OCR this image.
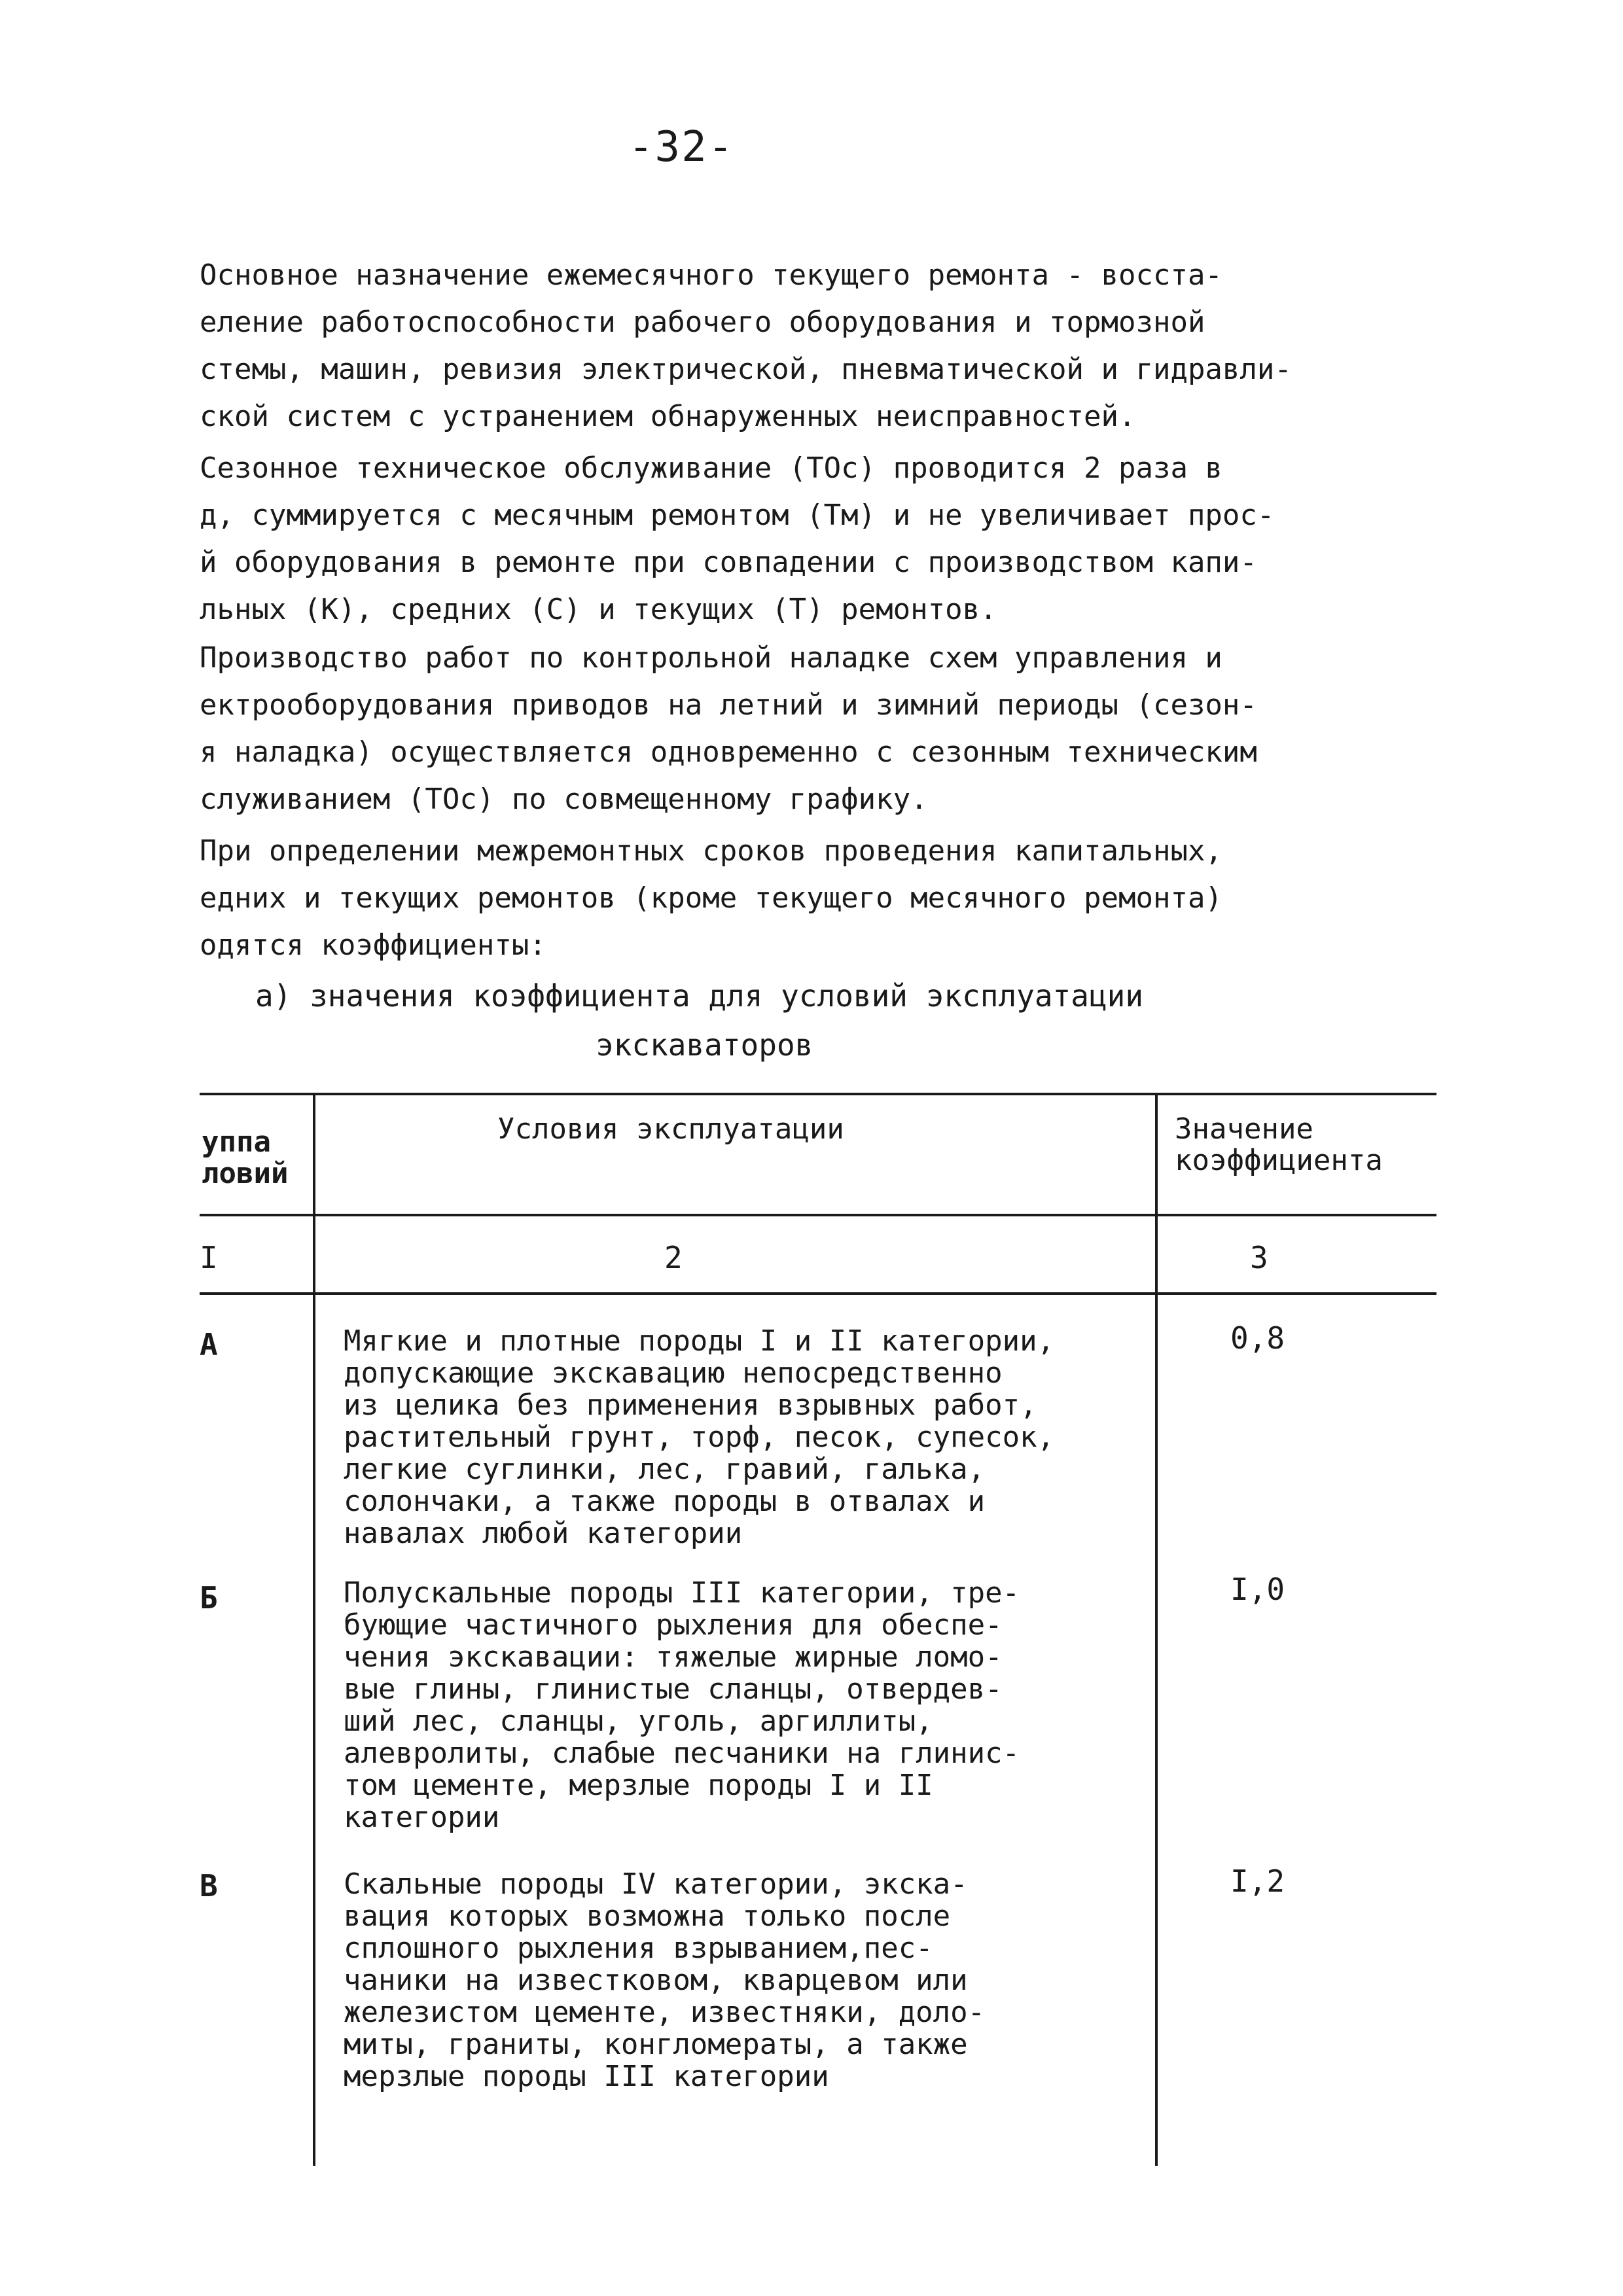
-32-
Основное назначение ежемесячного текущего ремонта - восста-
еление работоспособности рабочего оборудования и тормозной
стемы, машин, ревизия электрической, пневматической и гидравли-
ской систем с устранением обнаруженных неисправностей.
Сезонное техническое обслуживание (ТОс) проводится 2 раза в
д, суммируется с месячным ремонтом (Тм) и не увеличивает прос-
й оборудования в ремонте при совпадении с производством капи-
льных (К), средних (С) и текущих (Т) ремонтов.
Производство работ по контрольной наладке схем управления и
ектрооборудования приводов на летний и зимний периоды (сезон-
я наладка) осуществляется одновременно с сезонным техническим
служиванием (ТОс) по совмещенному графику.
При определении межремонтных сроков проведения капитальных,
едних и текущих ремонтов (кроме текущего месячного ремонта)
одятся коэффициенты:
а) значения коэффициента для условий эксплуатации
экскаваторов
уппа
ловий
Условия эксплуатации	Значение
коэффициента
I	2	3
А	Мягкие и плотные породы I и II категории,
допускающие экскавацию непосредственно
из целика без применения взрывных работ,
растительный грунт, торф, песок, супесок,
легкие суглинки, лес, гравий, галька,
солончаки, а также породы в отвалах и
навалах любой категории
0,8
Б	Полускальные породы III категории, тре-
бующие частичного рыхления для обеспе-
чения экскавации: тяжелые жирные ломо-
вые глины, глинистые сланцы, отвердев-
ший лес, сланцы, уголь, аргиллиты,
алевролиты, слабые песчаники на глинис-
том цементе, мерзлые породы I и II
категории
I,0
В	Скальные породы IV категории, экска-
вация которых возможна только после
сплошного рыхления взрыванием,пес-
чаники на известковом, кварцевом или
железистом цементе, известняки, доло-
миты, граниты, конгломераты, а также
мерзлые породы III категории
I,2
